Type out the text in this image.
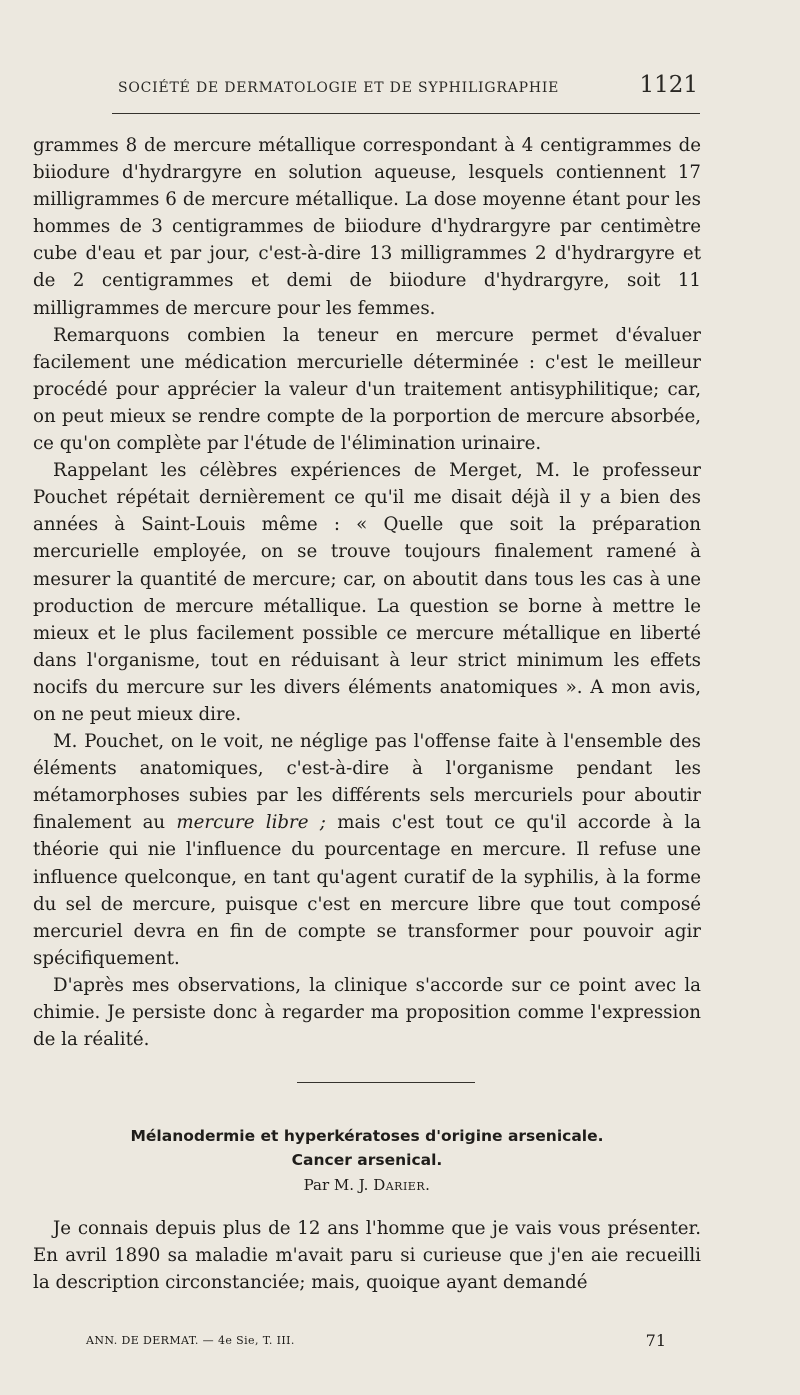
SOCIÉTÉ DE DERMATOLOGIE ET DE SYPHILIGRAPHIE	1121

grammes 8 de mercure métallique correspondant à 4 centigrammes de biiodure d'hydrargyre en solution aqueuse, lesquels contiennent 17 milligrammes 6 de mercure métallique. La dose moyenne étant pour les hommes de 3 centigrammes de biiodure d'hydrargyre par centimètre cube d'eau et par jour, c'est-à-dire 13 milligrammes 2 d'hydrargyre et de 2 centigrammes et demi de biiodure d'hydrargyre, soit 11 milligrammes de mercure pour les femmes.

Remarquons combien la teneur en mercure permet d'évaluer facilement une médication mercurielle déterminée : c'est le meilleur procédé pour apprécier la valeur d'un traitement antisyphilitique; car, on peut mieux se rendre compte de la porportion de mercure absorbée, ce qu'on complète par l'étude de l'élimination urinaire.

Rappelant les célèbres expériences de Merget, M. le professeur Pouchet répétait dernièrement ce qu'il me disait déjà il y a bien des années à Saint-Louis même : « Quelle que soit la préparation mercurielle employée, on se trouve toujours finalement ramené à mesurer la quantité de mercure; car, on aboutit dans tous les cas à une production de mercure métallique. La question se borne à mettre le mieux et le plus facilement possible ce mercure métallique en liberté dans l'organisme, tout en réduisant à leur strict minimum les effets nocifs du mercure sur les divers éléments anatomiques ». A mon avis, on ne peut mieux dire.

M. Pouchet, on le voit, ne néglige pas l'offense faite à l'ensemble des éléments anatomiques, c'est-à-dire à l'organisme pendant les métamorphoses subies par les différents sels mercuriels pour aboutir finalement au mercure libre ; mais c'est tout ce qu'il accorde à la théorie qui nie l'influence du pourcentage en mercure. Il refuse une influence quelconque, en tant qu'agent curatif de la syphilis, à la forme du sel de mercure, puisque c'est en mercure libre que tout composé mercuriel devra en fin de compte se transformer pour pouvoir agir spécifiquement.

D'après mes observations, la clinique s'accorde sur ce point avec la chimie. Je persiste donc à regarder ma proposition comme l'expression de la réalité.

Mélanodermie et hyperkératoses d'origine arsenicale.
Cancer arsenical.
Par M. J. Darier.

Je connais depuis plus de 12 ans l'homme que je vais vous présenter. En avril 1890 sa maladie m'avait paru si curieuse que j'en aie recueilli la description circonstanciée; mais, quoique ayant demandé

ANN. DE DERMAT. — 4e Sie, T. III.	71
